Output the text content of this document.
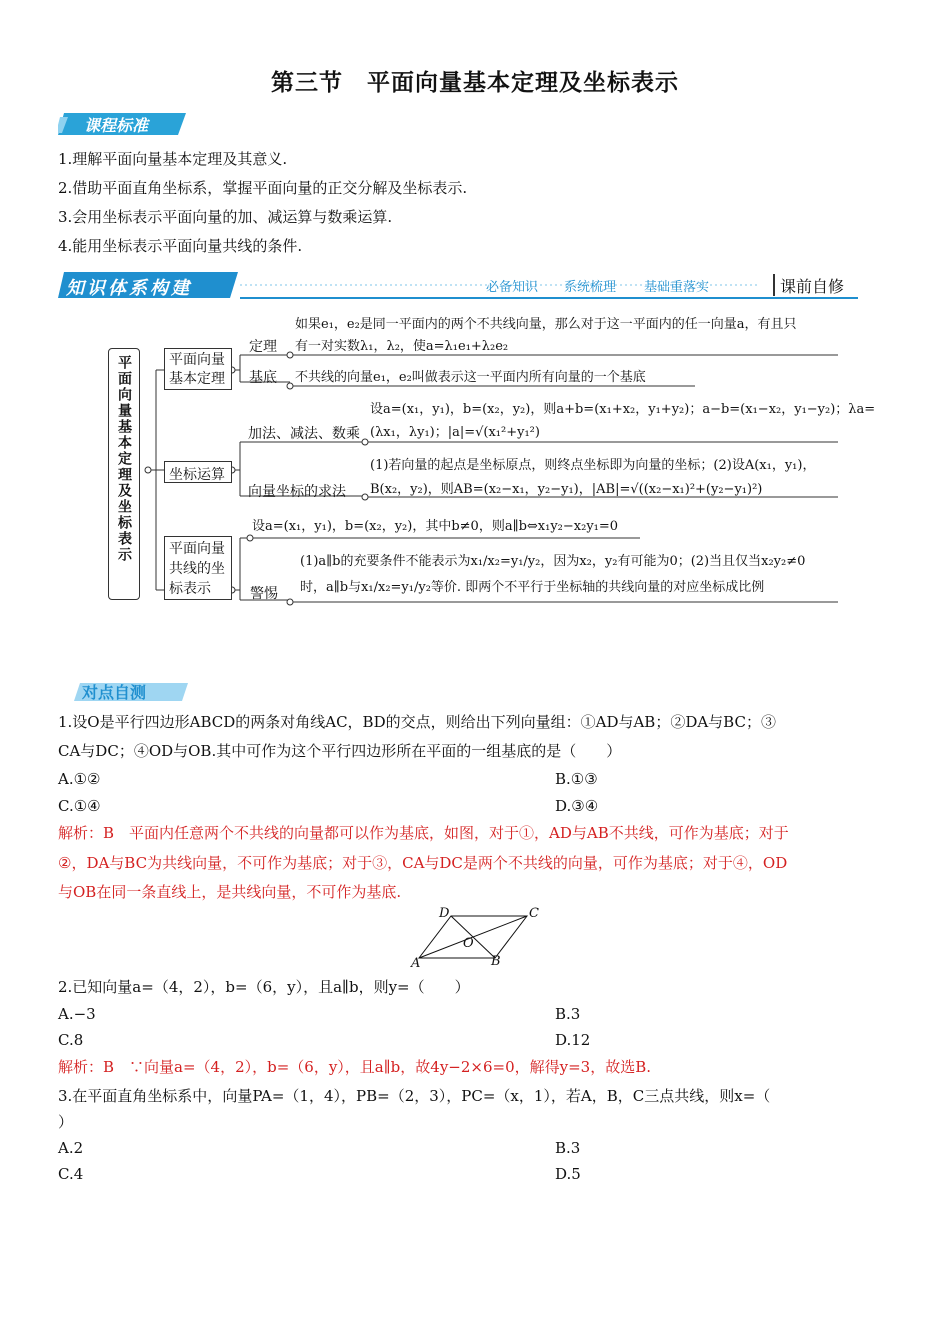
第三节　平面向量基本定理及坐标表示
课程标准
1.理解平面向量基本定理及其意义.
2.借助平面直角坐标系，掌握平面向量的正交分解及坐标表示.
3.会用坐标表示平面向量的加、减运算与数乘运算.
4.能用坐标表示平面向量共线的条件.
知识体系构建	必备知识 系统梳理 基础重落实	课前自修
平面向量基本定理及坐标表示	平面向量基本定理
定理
如果e₁，e₂是同一平面内的两个不共线向量，那么对于这一平面内的任一向量a，有且只
有一对实数λ₁，λ₂，使a=λ₁e₁+λ₂e₂
基底 不共线的向量e₁，e₂叫做表示这一平面内所有向量的一个基底
坐标运算
加法、减法、数乘
设a=(x₁，y₁)，b=(x₂，y₂)，则a+b=(x₁+x₂，y₁+y₂)；a−b=(x₁−x₂，y₁−y₂)；λa=
(λx₁，λy₁)；|a|=√(x₁²+y₁²)
向量坐标的求法
(1)若向量的起点是坐标原点，则终点坐标即为向量的坐标；(2)设A(x₁，y₁)，
B(x₂，y₂)，则AB=(x₂−x₁，y₂−y₁)，|AB|=√((x₂−x₁)²+(y₂−y₁)²)
平面向量共线的坐标表示
设a=(x₁，y₁)，b=(x₂，y₂)，其中b≠0，则a∥b⇔x₁y₂−x₂y₁=0
警惕
(1)a∥b的充要条件不能表示为x₁/x₂=y₁/y₂，因为x₂，y₂有可能为0；(2)当且仅当x₂y₂≠0
时，a∥b与x₁/x₂=y₁/y₂等价. 即两个不平行于坐标轴的共线向量的对应坐标成比例
对点自测
1.设O是平行四边形ABCD的两条对角线AC，BD的交点，则给出下列向量组：①AD与AB；②DA与BC；③
CA与DC；④OD与OB.其中可作为这个平行四边形所在平面的一组基底的是（　　）
A.①②	B.①③
C.①④	D.③④
解析：B　平面内任意两个不共线的向量都可以作为基底，如图，对于①，AD与AB不共线，可作为基底；对于
②，DA与BC为共线向量，不可作为基底；对于③，CA与DC是两个不共线的向量，可作为基底；对于④，OD
与OB在同一条直线上，是共线向量，不可作为基底.
D	C
O
A	B
2.已知向量a=（4，2），b=（6，y），且a∥b，则y=（　　）
A.−3	B.3
C.8	D.12
解析：B　∵向量a=（4，2），b=（6，y），且a∥b，故4y−2×6=0，解得y=3，故选B.
3.在平面直角坐标系中，向量PA=（1，4），PB=（2，3），PC=（x，1），若A，B，C三点共线，则x=（
）
A.2	B.3
C.4	D.5
